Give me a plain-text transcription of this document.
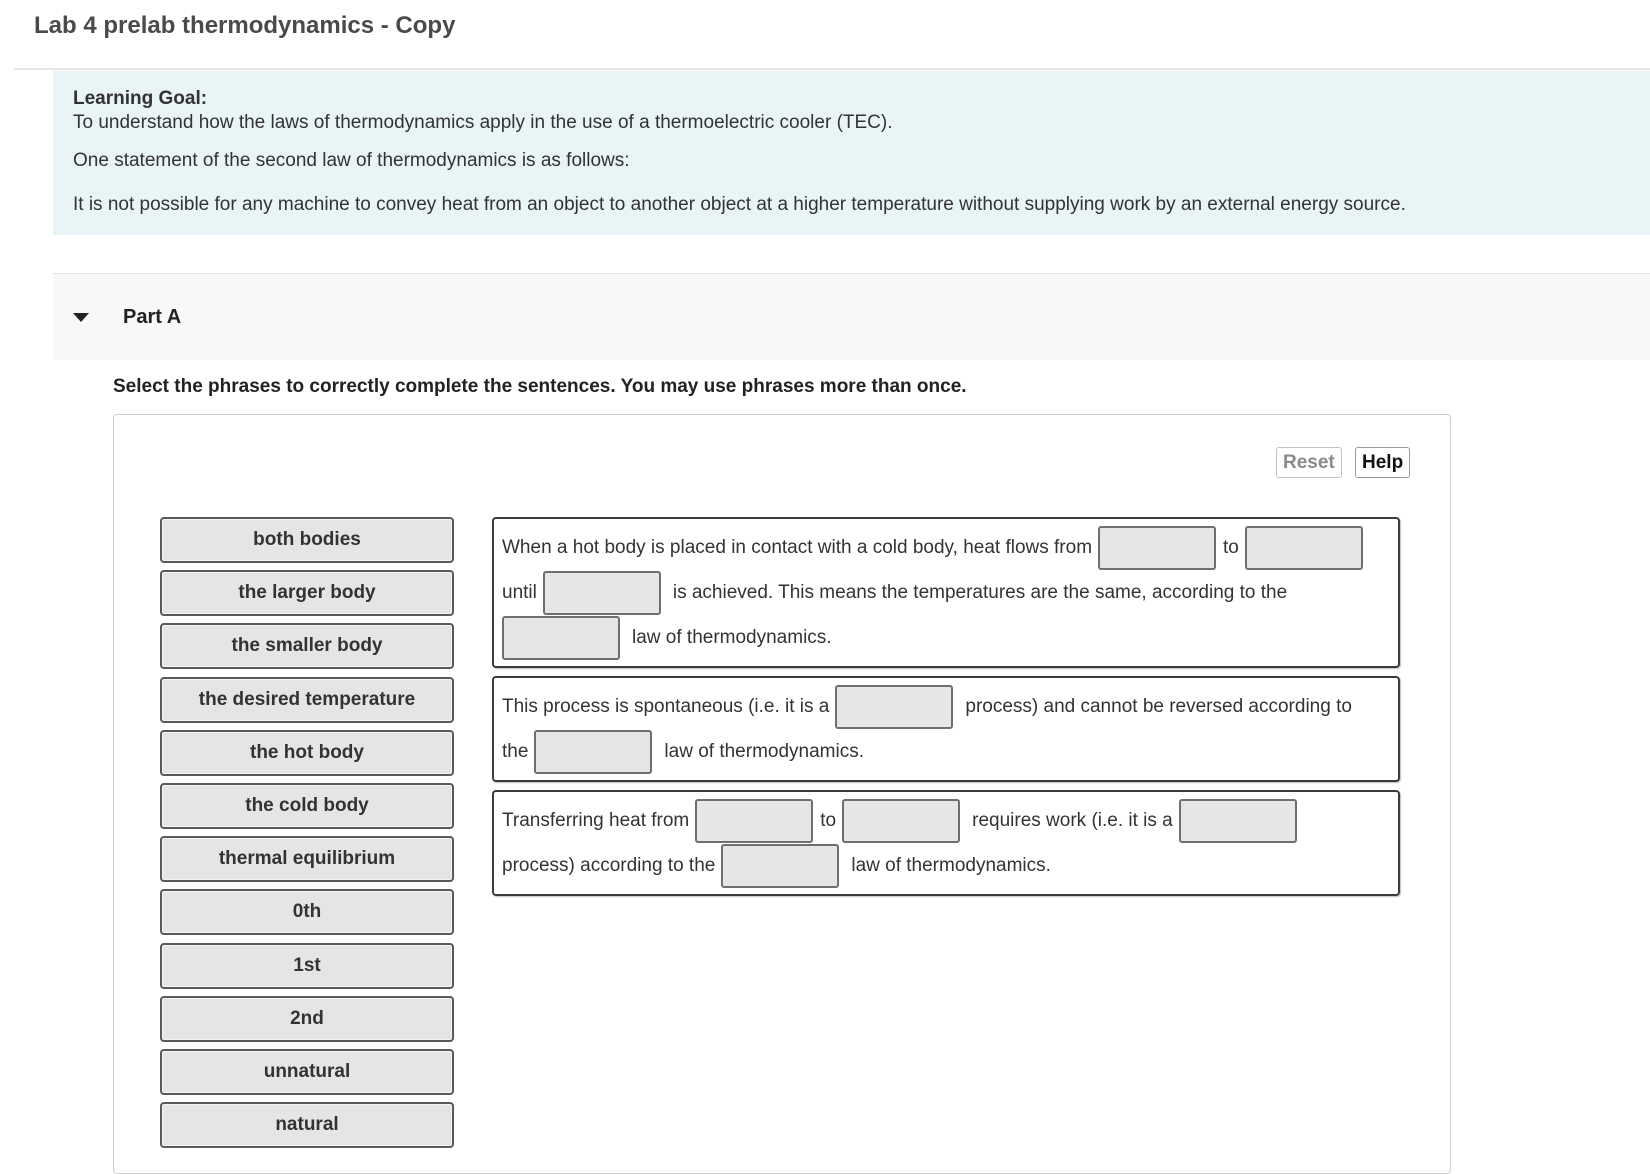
Lab 4 prelab thermodynamics - Copy
Learning Goal:
To understand how the laws of thermodynamics apply in the use of a thermoelectric cooler (TEC).
One statement of the second law of thermodynamics is as follows:
It is not possible for any machine to convey heat from an object to another object at a higher temperature without supplying work by an external energy source.
Part A
Select the phrases to correctly complete the sentences. You may use phrases more than once.
Reset	Help
both bodies
the larger body
the smaller body
the desired temperature
the hot body
the cold body
thermal equilibrium
0th
1st
2nd
unnatural
natural
When a hot body is placed in contact with a cold body, heat flows from	to
until	is achieved. This means the temperatures are the same, according to the
law of thermodynamics.
This process is spontaneous (i.e. it is a	process) and cannot be reversed according to
the	law of thermodynamics.
Transferring heat from	to	requires work (i.e. it is a
process) according to the	law of thermodynamics.
